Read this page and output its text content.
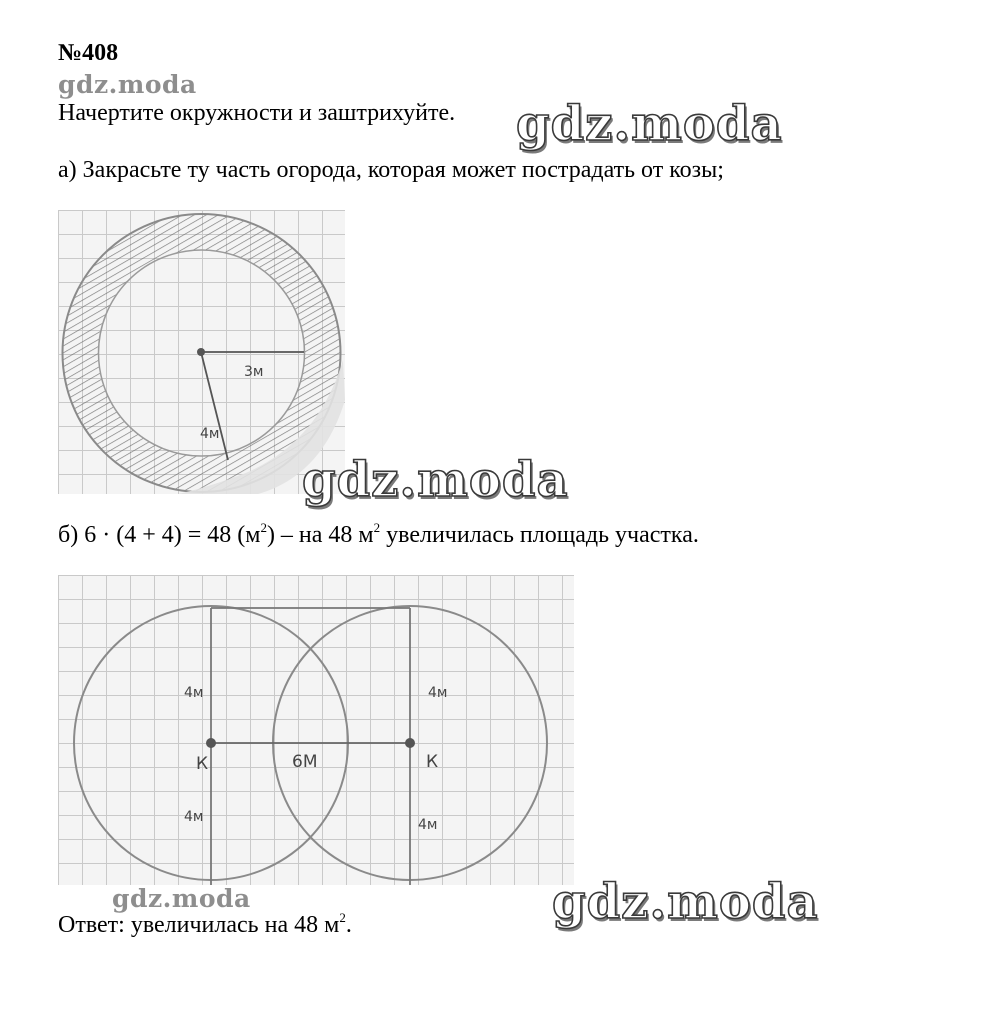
№408
gdz.moda
Начертите окружности и заштрихуйте. gdz.moda
а) Закрасьте ту часть огорода, которая может пострадать от козы;
3м
4м
gdz.moda
б) 6 · (4 + 4) = 48 $(м^2)$ – на 48 $м^2$ увеличилась площадь участка.
4м
4м
К
4м
4м
К
6М
gdz.moda	gdz.moda
Ответ: увеличилась на 48 $м^2$.
